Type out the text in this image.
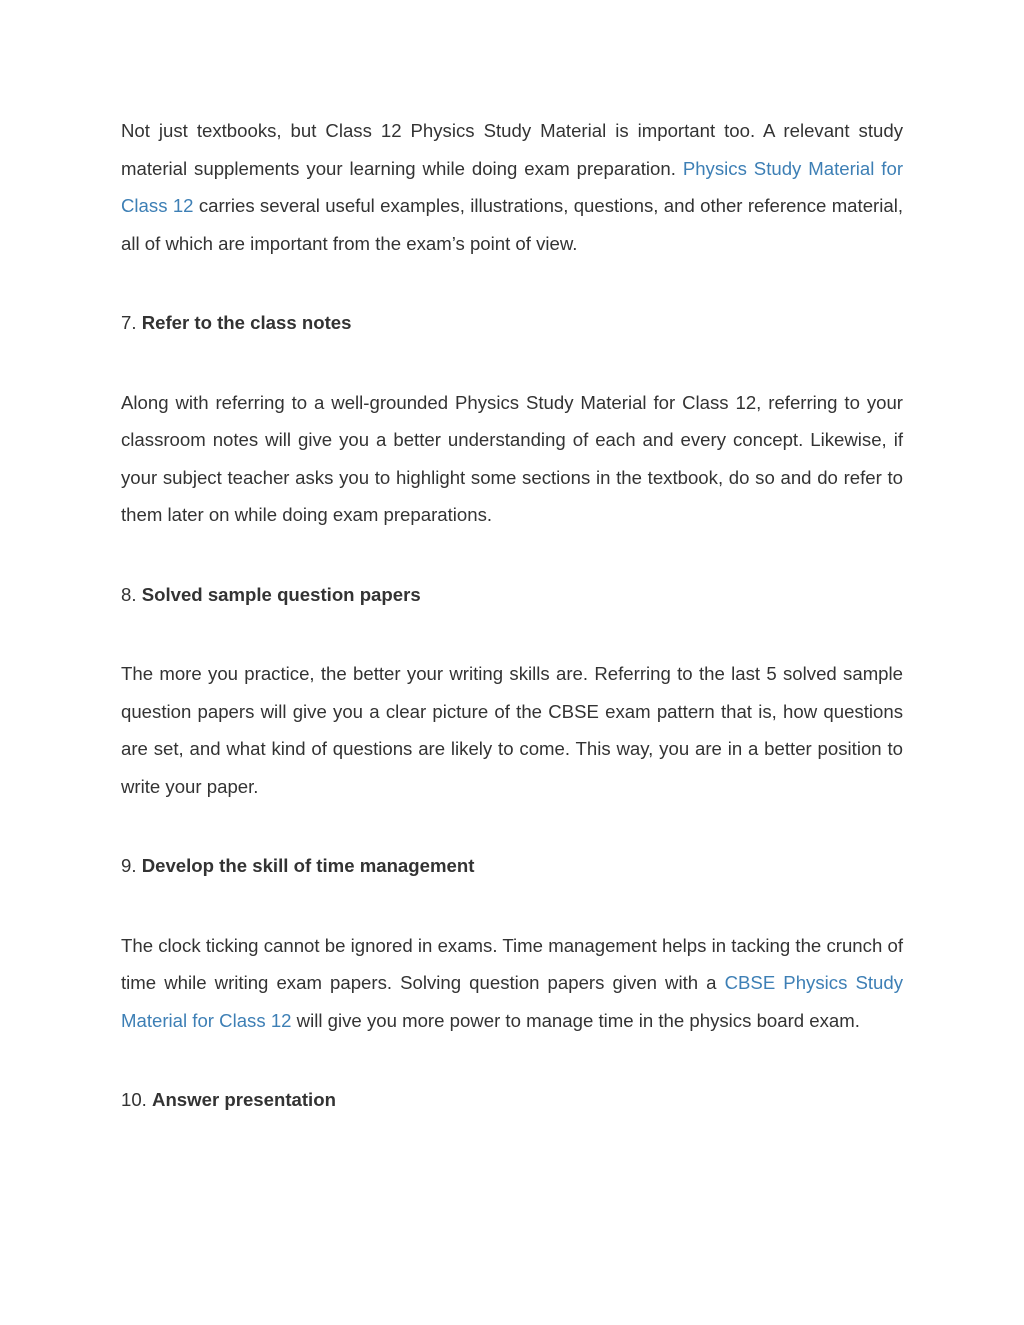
Not just textbooks, but Class 12 Physics Study Material is important too. A relevant study material supplements your learning while doing exam preparation. Physics Study Material for Class 12 carries several useful examples, illustrations, questions, and other reference material, all of which are important from the exam’s point of view.

7. Refer to the class notes

Along with referring to a well-grounded Physics Study Material for Class 12, referring to your classroom notes will give you a better understanding of each and every concept. Likewise, if your subject teacher asks you to highlight some sections in the textbook, do so and do refer to them later on while doing exam preparations.

8. Solved sample question papers

The more you practice, the better your writing skills are. Referring to the last 5 solved sample question papers will give you a clear picture of the CBSE exam pattern that is, how questions are set, and what kind of questions are likely to come. This way, you are in a better position to write your paper.

9. Develop the skill of time management

The clock ticking cannot be ignored in exams. Time management helps in tacking the crunch of time while writing exam papers. Solving question papers given with a CBSE Physics Study Material for Class 12 will give you more power to manage time in the physics board exam.

10. Answer presentation
